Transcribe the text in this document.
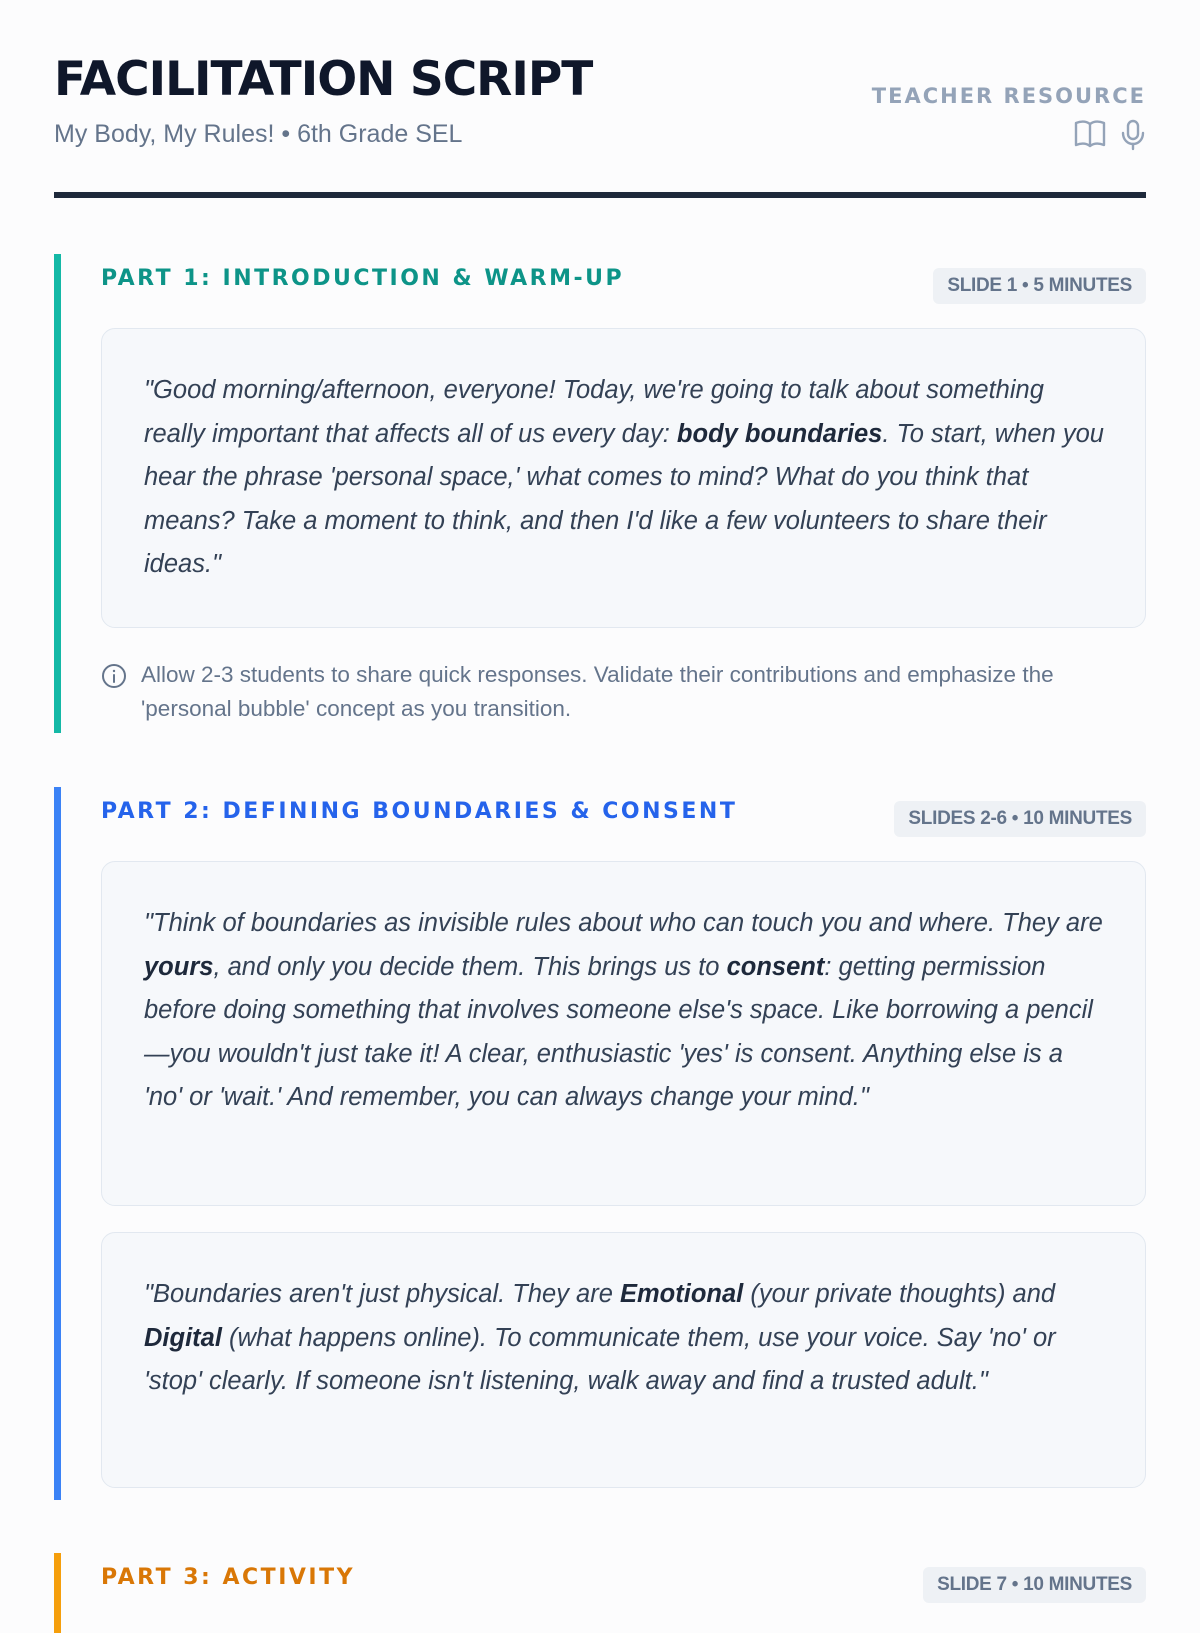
FACILITATION SCRIPT
My Body, My Rules! • 6th Grade SEL
TEACHER RESOURCE
PART 1: INTRODUCTION & WARM-UP	SLIDE 1 • 5 MINUTES
"Good morning/afternoon, everyone! Today, we're going to talk about something really important that affects all of us every day: body boundaries. To start, when you hear the phrase 'personal space,' what comes to mind? What do you think that means? Take a moment to think, and then I'd like a few volunteers to share their ideas."
Allow 2-3 students to share quick responses. Validate their contributions and emphasize the 'personal bubble' concept as you transition.
PART 2: DEFINING BOUNDARIES & CONSENT	SLIDES 2-6 • 10 MINUTES
"Think of boundaries as invisible rules about who can touch you and where. They are yours, and only you decide them. This brings us to consent: getting permission before doing something that involves someone else's space. Like borrowing a pencil—you wouldn't just take it! A clear, enthusiastic 'yes' is consent. Anything else is a 'no' or 'wait.' And remember, you can always change your mind."
"Boundaries aren't just physical. They are Emotional (your private thoughts) and Digital (what happens online). To communicate them, use your voice. Say 'no' or 'stop' clearly. If someone isn't listening, walk away and find a trusted adult."
PART 3: ACTIVITY	SLIDE 7 • 10 MINUTES
